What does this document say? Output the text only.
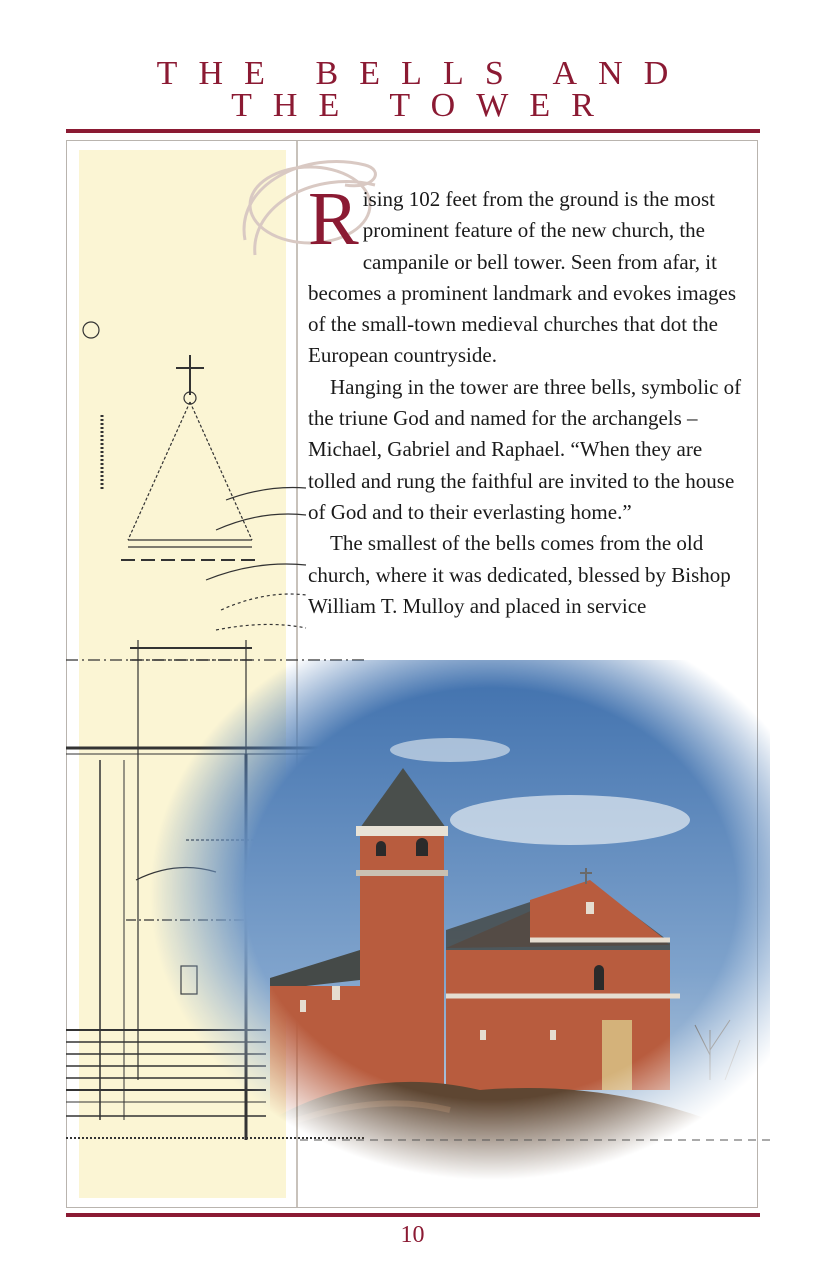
THE BELLS AND
THE TOWER

Rising 102 feet from the ground is the most prominent feature of the new church, the campanile or bell tower. Seen from afar, it becomes a prominent landmark and evokes images of the small-town medieval churches that dot the European countryside.

Hanging in the tower are three bells, symbolic of the triune God and named for the archangels – Michael, Gabriel and Raphael. “When they are tolled and rung the faithful are invited to the house of God and to their everlasting home.”

The smallest of the bells comes from the old church, where it was dedicated, blessed by Bishop William T. Mulloy and placed in service

10
